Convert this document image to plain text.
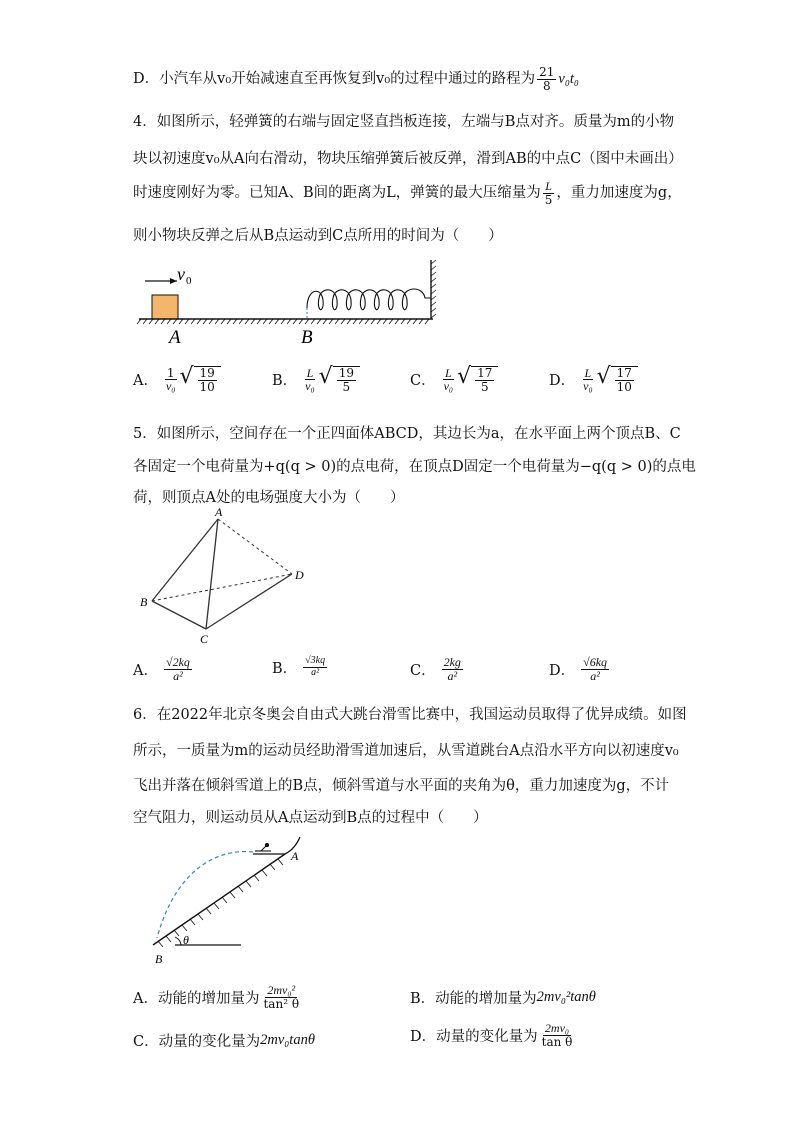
D．小汽车从v₀开始减速直至再恢复到v₀的过程中通过的路程为 $\frac{21}{8} v_0t_0$
4．如图所示，轻弹簧的右端与固定竖直挡板连接，左端与B点对齐。质量为m的小物
块以初速度v₀从A向右滑动，物块压缩弹簧后被反弹，滑到AB的中点C（图中未画出）
时速度刚好为零。已知A、B间的距离为L，弹簧的最大压缩量为 $\frac{L}{5}$ ，重力加速度为g，
则小物块反弹之后从B点运动到C点所用的时间为（　　）
v 0
A	B
A． $\frac{1}{\text{v₀}}$ √ $\frac{19}{10}$	B． $\frac{L}{\text{v₀}}$ √ $\frac{19}{5}$	C． $\frac{L}{\text{v₀}}$ √ $\frac{17}{5}$	D． $\frac{L}{\text{v₀}}$ √ $\frac{17}{10}$
5．如图所示，空间存在一个正四面体ABCD，其边长为a，在水平面上两个顶点B、C
各固定一个电荷量为+q(q > 0)的点电荷，在顶点D固定一个电荷量为−q(q > 0)的点电
荷，则顶点A处的电场强度大小为（　　）
A
B
C
D
A． $\frac{√2kq}{\text{a²}}$	B． $\frac{√3kq}{\text{a²}}$	C． $\frac{2kg}{\text{a²}}$	D． $\frac{√6kq}{\text{a²}}$
6．在2022年北京冬奥会自由式大跳台滑雪比赛中，我国运动员取得了优异成绩。如图
所示，一质量为m的运动员经助滑雪道加速后，从雪道跳台A点沿水平方向以初速度v₀
飞出并落在倾斜雪道上的B点，倾斜雪道与水平面的夹角为θ，重力加速度为g，不计
空气阻力，则运动员从A点运动到B点的过程中（　　）
A
B
θ
A．动能的增加量为 $\frac{\text{2mv₀²}}{\text{tan² θ}}$	B．动能的增加量为 2mv₀²tanθ
C．动量的变化量为 2mv₀tanθ	D．动量的变化量为 $\frac{\text{2mv₀}}{\text{tan θ}}$
